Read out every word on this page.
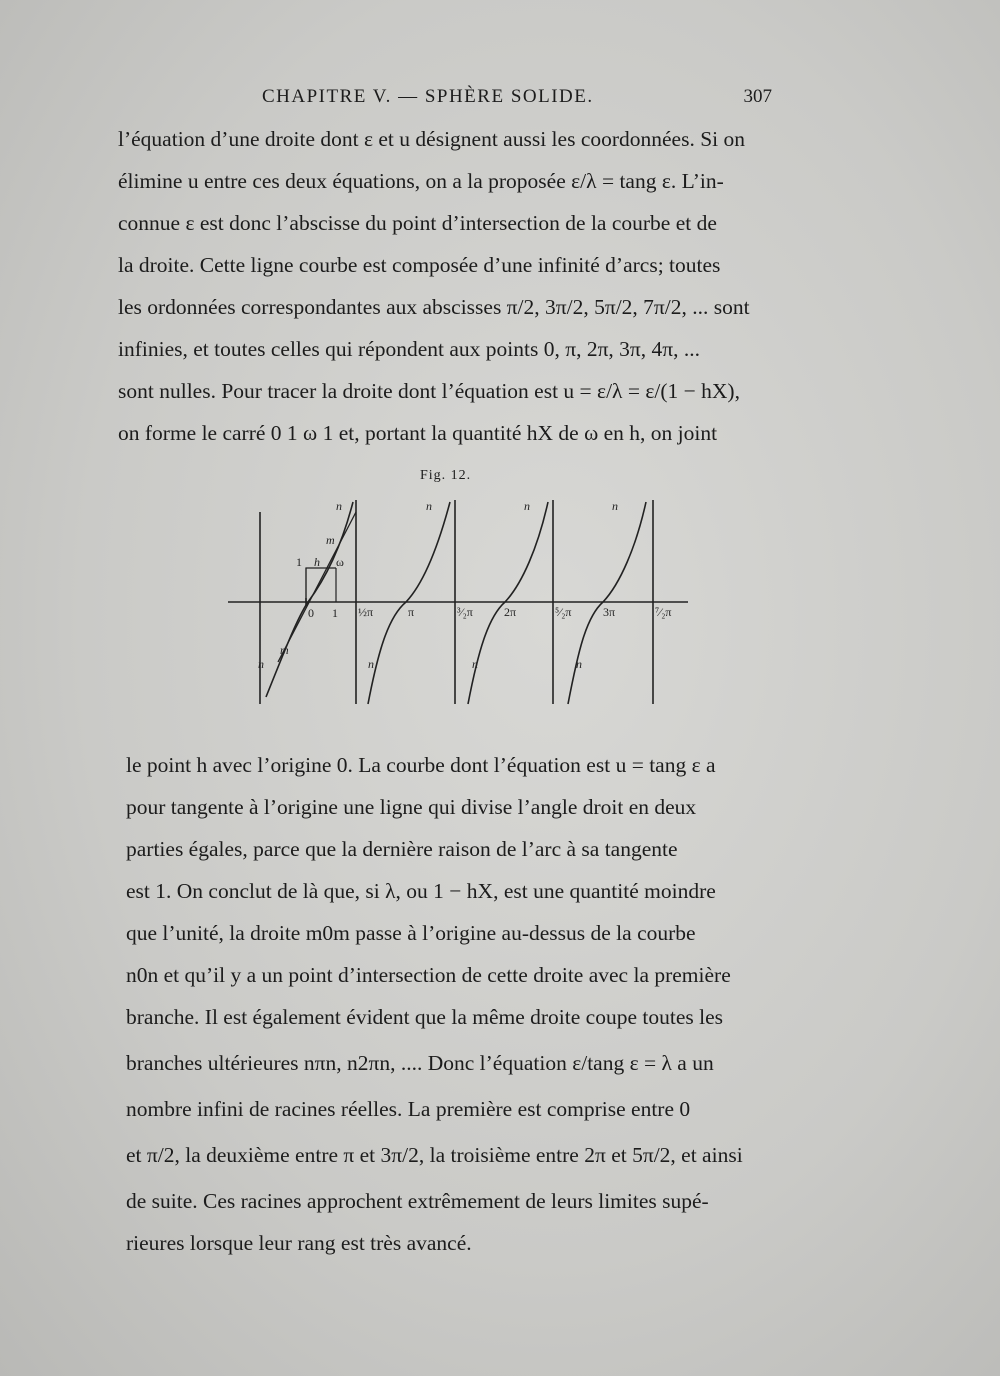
CHAPITRE V. — SPHÈRE SOLIDE.	307
l’équation d’une droite dont ε et u désignent aussi les coordonnées. Si on
élimine u entre ces deux équations, on a la proposée ε/λ = tang ε. L’in-
connue ε est donc l’abscisse du point d’intersection de la courbe et de
la droite. Cette ligne courbe est composée d’une infinité d’arcs; toutes
les ordonnées correspondantes aux abscisses π/2, 3π/2, 5π/2, 7π/2, ... sont
infinies, et toutes celles qui répondent aux points 0, π, 2π, 3π, 4π, ...
sont nulles. Pour tracer la droite dont l’équation est u = ε/λ = ε/(1 − hX),
on forme le carré 0 1 ω 1 et, portant la quantité hX de ω en h, on joint
Fig. 12.
0 1
1 h ω
m
m
n	n	n	n
n	n	n	n
½π	π	³⁄₂π	2π	⁵⁄₂π	3π	⁷⁄₂π
le point h avec l’origine 0. La courbe dont l’équation est u = tang ε a
pour tangente à l’origine une ligne qui divise l’angle droit en deux
parties égales, parce que la dernière raison de l’arc à sa tangente
est 1. On conclut de là que, si λ, ou 1 − hX, est une quantité moindre
que l’unité, la droite m0m passe à l’origine au-dessus de la courbe
n0n et qu’il y a un point d’intersection de cette droite avec la première
branche. Il est également évident que la même droite coupe toutes les
branches ultérieures nπn, n2πn, .... Donc l’équation ε/tang ε = λ a un
nombre infini de racines réelles. La première est comprise entre 0
et π/2, la deuxième entre π et 3π/2, la troisième entre 2π et 5π/2, et ainsi
de suite. Ces racines approchent extrêmement de leurs limites supé-
rieures lorsque leur rang est très avancé.
